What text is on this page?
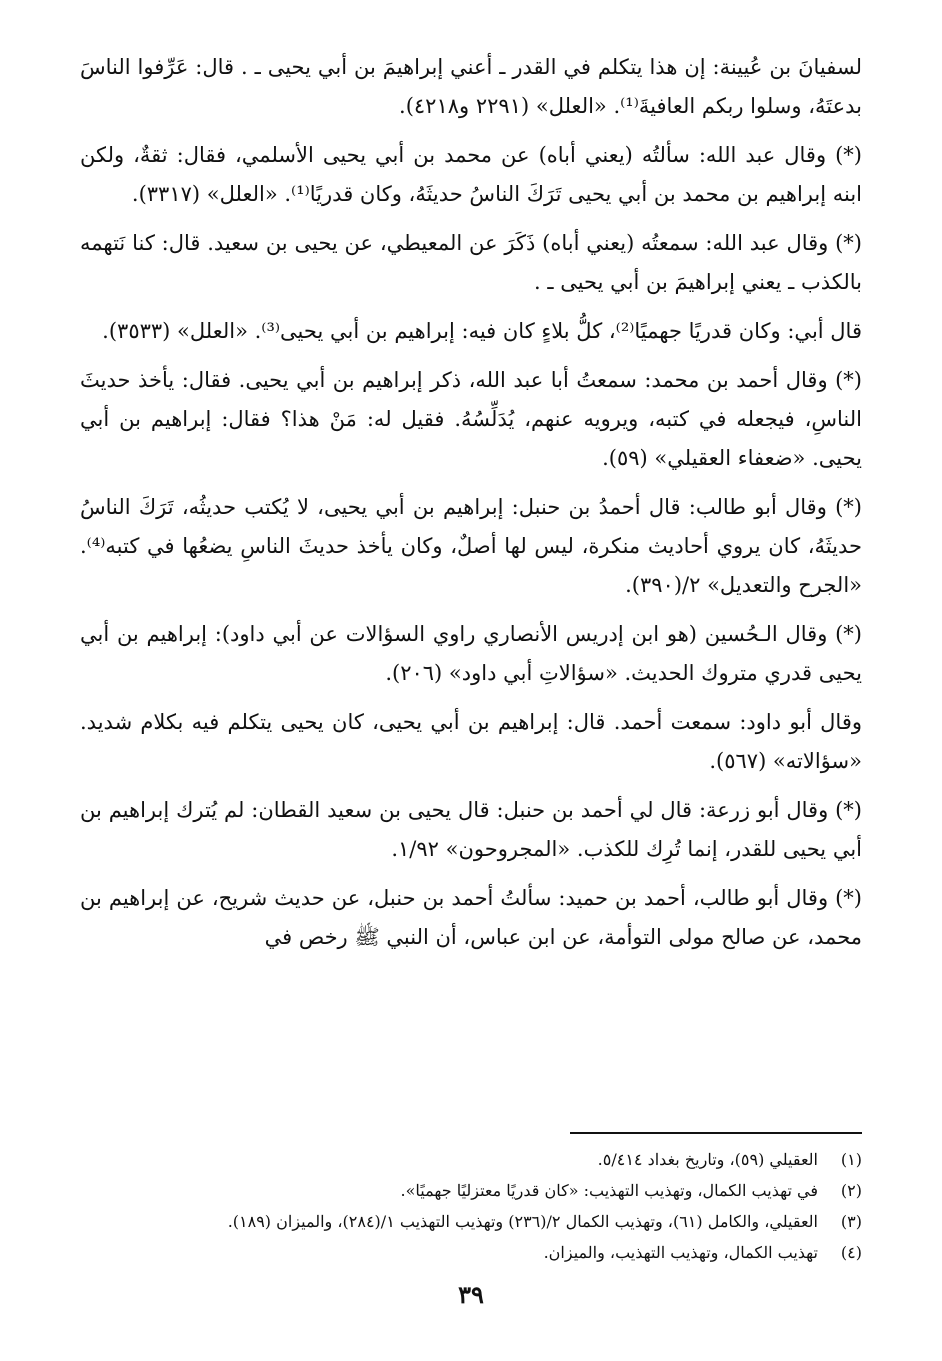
لسفيانَ بن عُيينة: إن هذا يتكلم في القدر ـ أعني إبراهيمَ بن أبي يحيى ـ . قال: عَرِّفوا الناسَ بدعتَهُ، وسلوا ربكم العافيةَ⁽¹⁾. «العلل» (٢٢٩١ و٤٢١٨).

(*) وقال عبد الله: سألتُه (يعني أباه) عن محمد بن أبي يحيى الأسلمي، فقال: ثقةٌ، ولكن ابنه إبراهيم بن محمد بن أبي يحيى تَرَكَ الناسُ حديثَهُ، وكان قدريًا⁽¹⁾. «العلل» (٣٣١٧).

(*) وقال عبد الله: سمعتُه (يعني أباه) ذَكَرَ عن المعيطي، عن يحيى بن سعيد. قال: كنا نَتهمه بالكذب ـ يعني إبراهيمَ بن أبي يحيى ـ .

قال أبي: وكان قدريًا جهميًا⁽²⁾، كلُّ بلاءٍ كان فيه: إبراهيم بن أبي يحيى⁽³⁾. «العلل» (٣٥٣٣).

(*) وقال أحمد بن محمد: سمعتُ أبا عبد الله، ذكر إبراهيم بن أبي يحيى. فقال: يأخذ حديثَ الناسِ، فيجعله في كتبه، ويرويه عنهم، يُدَلِّسُهُ. فقيل له: مَنْ هذا؟ فقال: إبراهيم بن أبي يحيى. «ضعفاء العقيلي» (٥٩).

(*) وقال أبو طالب: قال أحمدُ بن حنبل: إبراهيم بن أبي يحيى، لا يُكتب حديثُه، تَرَكَ الناسُ حديثَهُ، كان يروي أحاديث منكرة، ليس لها أصلٌ، وكان يأخذ حديثَ الناسِ يضعُها في كتبه⁽⁴⁾. «الجرح والتعديل» ٢/(٣٩٠).

(*) وقال الـحُسين (هو ابن إدريس الأنصاري راوي السؤالات عن أبي داود): إبراهيم بن أبي يحيى قدري متروك الحديث. «سؤالاتِ أبي داود» (٢٠٦).

وقال أبو داود: سمعت أحمد. قال: إبراهيم بن أبي يحيى، كان يحيى يتكلم فيه بكلام شديد. «سؤالاته» (٥٦٧).

(*) وقال أبو زرعة: قال لي أحمد بن حنبل: قال يحيى بن سعيد القطان: لم يُترك إبراهيم بن أبي يحيى للقدر، إنما تُرِك للكذب. «المجروحون» ١/٩٢.

(*) وقال أبو طالب، أحمد بن حميد: سألتُ أحمد بن حنبل، عن حديث شريح، عن إبراهيم بن محمد، عن صالح مولى التوأمة، عن ابن عباس، أن النبي ﷺ رخص في

(١)
العقيلي (٥٩)، وتاريخ بغداد ٥/٤١٤.
(٢)
في تهذيب الكمال، وتهذيب التهذيب: «كان قدريًا معتزليًا جهميًا».
(٣)
العقيلي، والكامل (٦١)، وتهذيب الكمال ٢/(٢٣٦) وتهذيب التهذيب ١/(٢٨٤)، والميزان (١٨٩).
(٤)
تهذيب الكمال، وتهذيب التهذيب، والميزان.
٣٩
